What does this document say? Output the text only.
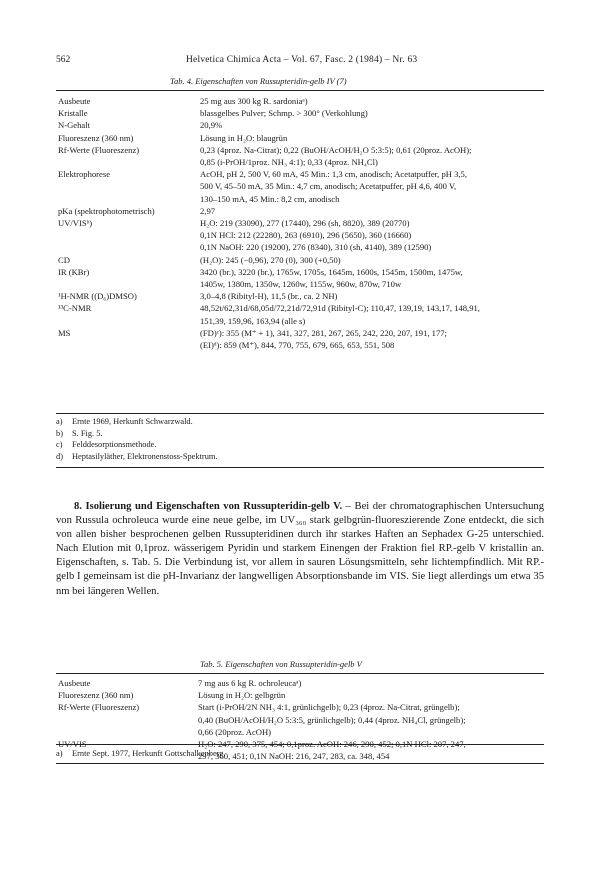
562	Helvetica Chimica Acta – Vol. 67, Fasc. 2 (1984) – Nr. 63
Tab. 4. Eigenschaften von Russupteridin-gelb IV (7)
Ausbeute	25 mg aus 300 kg R. sardoniaᵃ)
Kristalle	blassgelbes Pulver; Schmp. > 300° (Verkohlung)
N-Gehalt	20,9%
Fluoreszenz (360 nm)	Lösung in H₂O: blaugrün
Rf-Werte (Fluoreszenz)	0,23 (4proz. Na-Citrat); 0,22 (BuOH/AcOH/H₂O 5:3:5); 0,61 (20proz. AcOH);
0,85 (i-PrOH/1proz. NH₃ 4:1); 0,33 (4proz. NH₄Cl)
Elektrophorese	AcOH, pH 2, 500 V, 60 mA, 45 Min.: 1,3 cm, anodisch; Acetatpuffer, pH 3,5,
500 V, 45–50 mA, 35 Min.: 4,7 cm, anodisch; Acetatpuffer, pH 4,6, 400 V,
130–150 mA, 45 Min.: 8,2 cm, anodisch
pKa (spektrophotometrisch)	2,97
UV/VISᵇ)	H₂O: 219 (33090), 277 (17440), 296 (sh, 8820), 389 (20770)
0,1N HCl: 212 (22280), 263 (6910), 296 (5650), 360 (16660)
0,1N NaOH: 220 (19200), 276 (8340), 310 (sh, 4140), 389 (12590)
CD	(H₂O): 245 (−0,96), 270 (0), 300 (+0,50)
IR (KBr)	3420 (br.), 3220 (br.), 1765w, 1705s, 1645m, 1600s, 1545m, 1500m, 1475w,
1405w, 1380m, 1350w, 1260w, 1155w, 960w, 870w, 710w
¹H-NMR ((D₆)DMSO)	3,0–4,8 (Ribityl-H), 11,5 (br., ca. 2 NH)
¹³C-NMR	48,52t/62,31d/68,05d/72,21d/72,91d (Ribityl-C); 110,47, 139,19, 143,17, 148,91,
151,39, 159,96, 163,94 (alle s)
MS	(FD)ᶜ): 355 (M⁺ + 1), 341, 327, 281, 267, 265, 242, 220, 207, 191, 177;
(EI)ᵈ): 859 (M⁺), 844, 770, 755, 679, 665, 653, 551, 508
a) Ernte 1969, Herkunft Schwarzwald.
b) S. Fig. 5.
c) Felddesorptionsmethode.
d) Heptasilyläther, Elektronenstoss-Spektrum.

8. Isolierung und Eigenschaften von Russupteridin-gelb V. – Bei der chromatographischen Untersuchung von Russula ochroleuca wurde eine neue gelbe, im UV₃₆₀ stark gelbgrün-fluoreszierende Zone entdeckt, die sich von allen bisher besprochenen gelben Russupteridinen durch ihr starkes Haften an Sephadex G-25 unterschied. Nach Elution mit 0,1proz. wässerigem Pyridin und starkem Einengen der Fraktion fiel RP.-gelb V kristallin an. Eigenschaften, s. Tab. 5. Die Verbindung ist, vor allem in sauren Lösungsmitteln, sehr lichtempfindlich. Mit RP.-gelb I gemeinsam ist die pH-Invarianz der langwelligen Absorptionsbande im VIS. Sie liegt allerdings um etwa 35 nm bei längeren Wellen.

Tab. 5. Eigenschaften von Russupteridin-gelb V
Ausbeute	7 mg aus 6 kg R. ochroleucaᵃ)
Fluoreszenz (360 nm)	Lösung in H₂O: gelbgrün
Rf-Werte (Fluoreszenz)	Start (i-PrOH/2N NH₃ 4:1, grünlichgelb); 0,23 (4proz. Na-Citrat, grüngelb);
0,40 (BuOH/AcOH/H₂O 5:3:5, grünlichgelb); 0,44 (4proz. NH₄Cl, grüngelb);
0,66 (20proz. AcOH)
UV/VIS	H₂O: 247, 290, 375, 454; 0,1proz. AcOH: 246, 290, 452; 0,1N HCl: 207, 247,
297, 360, 451; 0,1N NaOH: 216, 247, 283, ca. 348, 454
a) Ernte Sept. 1977, Herkunft Gottschalkenberg.
